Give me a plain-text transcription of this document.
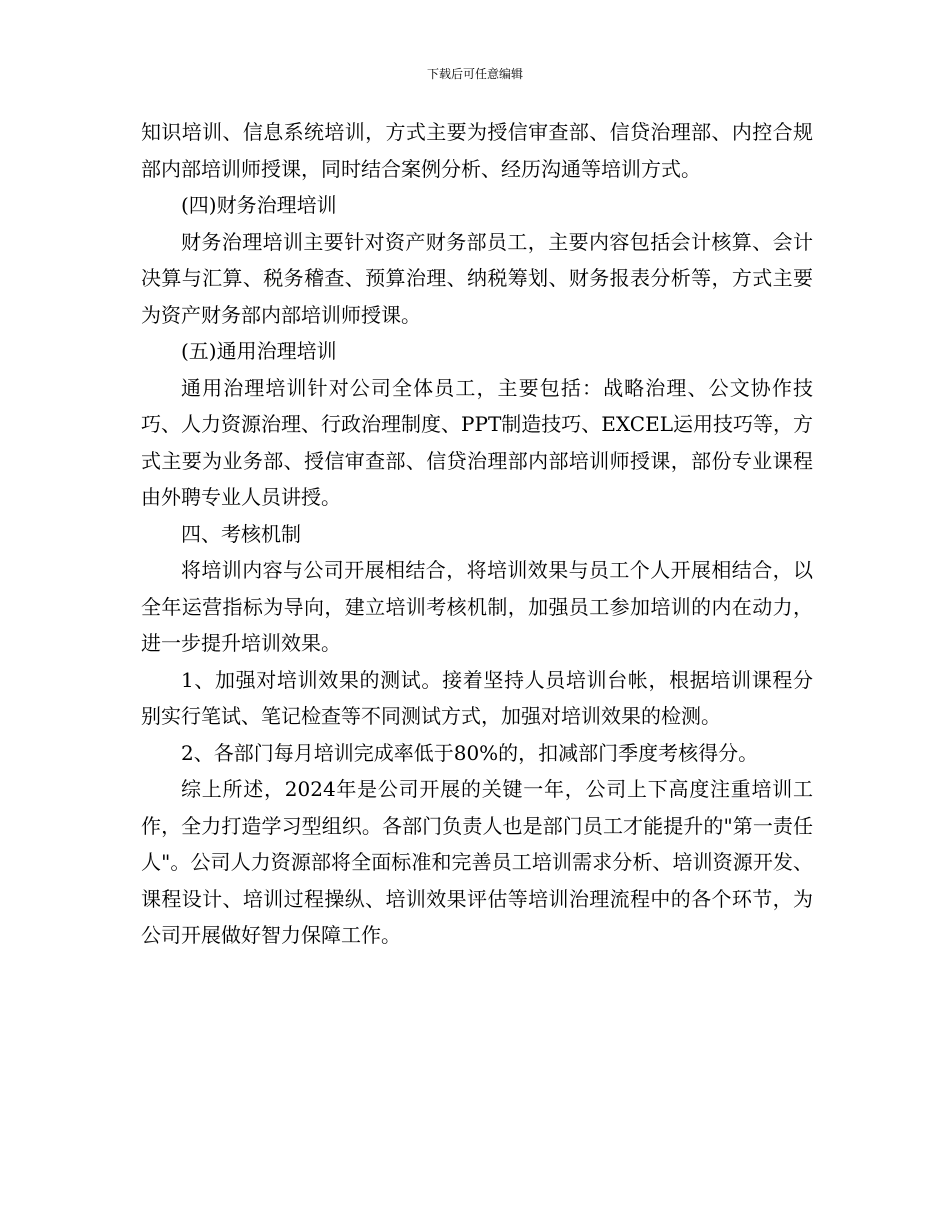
下载后可任意编辑

知识培训、信息系统培训，方式主要为授信审查部、信贷治理部、内控合规部内部培训师授课，同时结合案例分析、经历沟通等培训方式。

(四)财务治理培训

财务治理培训主要针对资产财务部员工，主要内容包括会计核算、会计决算与汇算、税务稽查、预算治理、纳税筹划、财务报表分析等，方式主要为资产财务部内部培训师授课。

(五)通用治理培训

通用治理培训针对公司全体员工，主要包括：战略治理、公文协作技巧、人力资源治理、行政治理制度、PPT制造技巧、EXCEL运用技巧等，方式主要为业务部、授信审查部、信贷治理部内部培训师授课，部份专业课程由外聘专业人员讲授。

四、考核机制

将培训内容与公司开展相结合，将培训效果与员工个人开展相结合，以全年运营指标为导向，建立培训考核机制，加强员工参加培训的内在动力，进一步提升培训效果。

1、加强对培训效果的测试。接着坚持人员培训台帐，根据培训课程分别实行笔试、笔记检查等不同测试方式，加强对培训效果的检测。

2、各部门每月培训完成率低于80%的，扣减部门季度考核得分。

综上所述，2024年是公司开展的关键一年，公司上下高度注重培训工作，全力打造学习型组织。各部门负责人也是部门员工才能提升的"第一责任人"。公司人力资源部将全面标准和完善员工培训需求分析、培训资源开发、课程设计、培训过程操纵、培训效果评估等培训治理流程中的各个环节，为公司开展做好智力保障工作。
